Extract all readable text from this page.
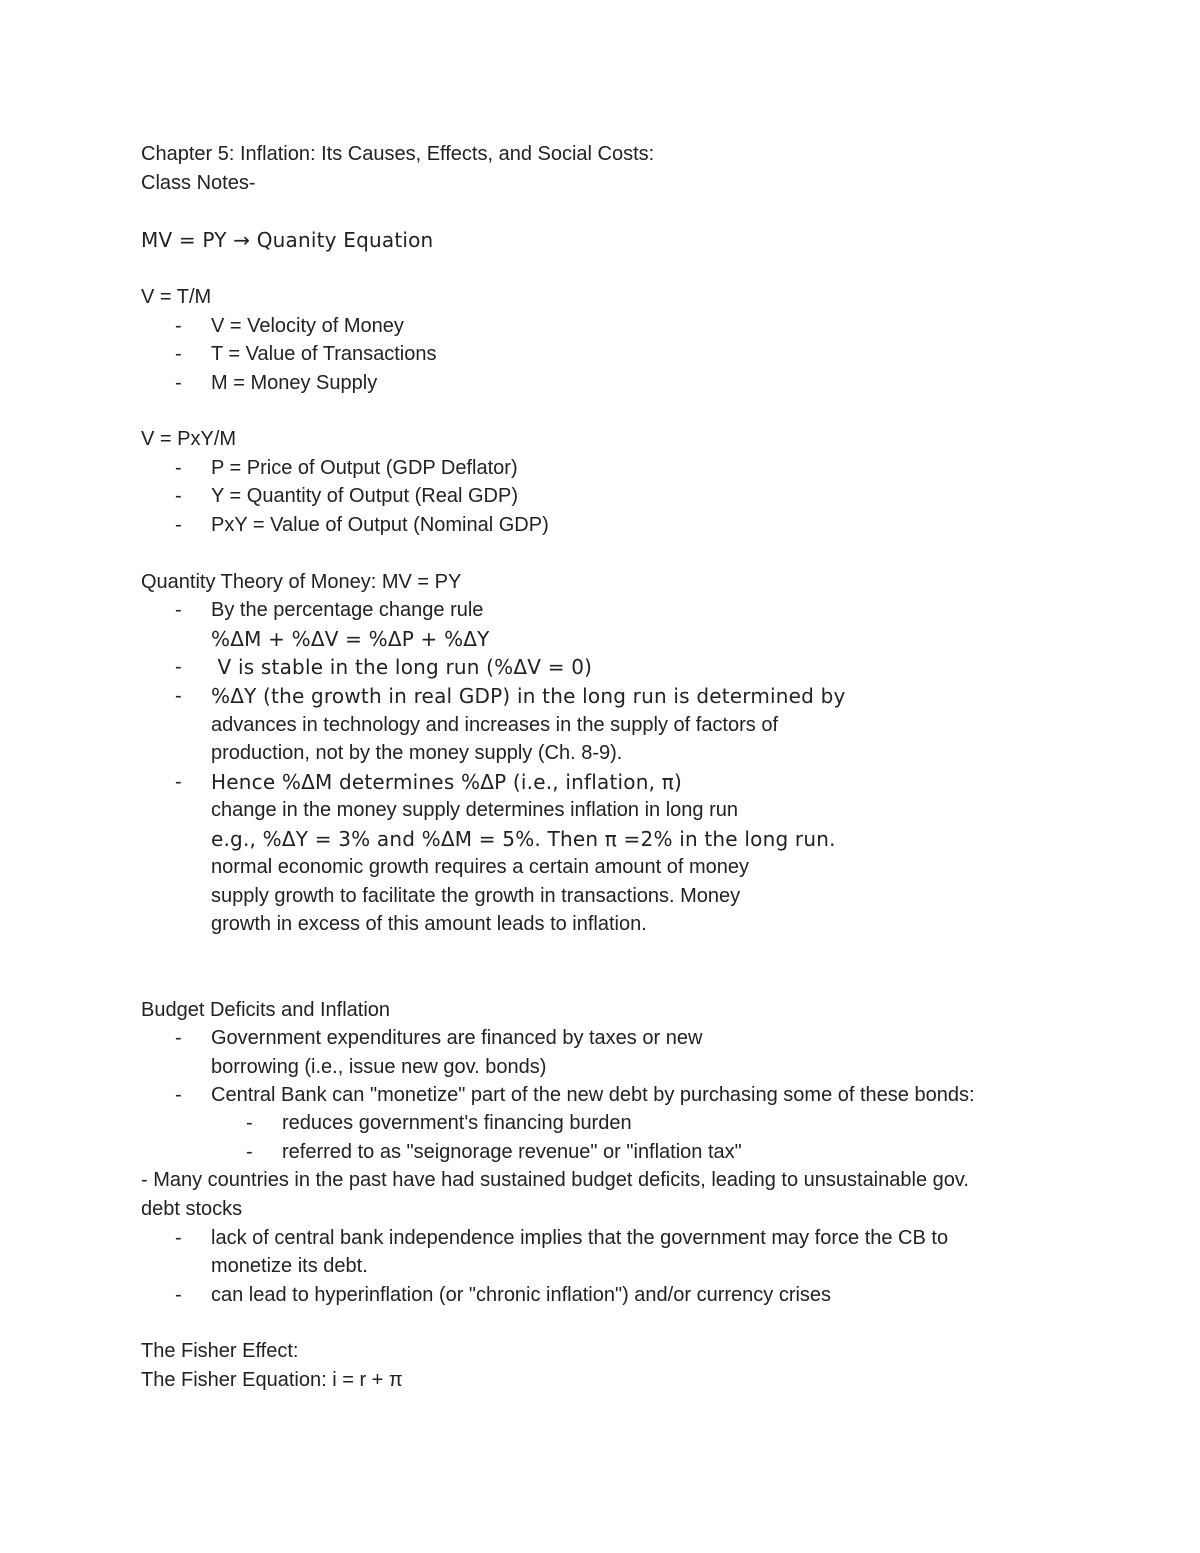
Chapter 5: Inflation: Its Causes, Effects, and Social Costs:
Class Notes-
MV = PY → Quanity Equation
V = T/M
- V = Velocity of Money
- T = Value of Transactions
- M = Money Supply
V = PxY/M
- P = Price of Output (GDP Deflator)
- Y = Quantity of Output (Real GDP)
- PxY = Value of Output (Nominal GDP)
Quantity Theory of Money: MV = PY
- By the percentage change rule
%ΔM + %ΔV = %ΔP + %ΔY
- V is stable in the long run (%ΔV = 0)
- %ΔY (the growth in real GDP) in the long run is determined by
advances in technology and increases in the supply of factors of
production, not by the money supply (Ch. 8-9).
- Hence %ΔM determines %ΔP (i.e., inflation, π)
change in the money supply determines inflation in long run
e.g., %ΔY = 3% and %ΔM = 5%. Then π =2% in the long run.
normal economic growth requires a certain amount of money
supply growth to facilitate the growth in transactions. Money
growth in excess of this amount leads to inflation.
Budget Deficits and Inflation
- Government expenditures are financed by taxes or new
borrowing (i.e., issue new gov. bonds)
- Central Bank can "monetize" part of the new debt by purchasing some of these bonds:
- reduces government's financing burden
- referred to as "seignorage revenue" or "inflation tax"
- Many countries in the past have had sustained budget deficits, leading to unsustainable gov.
debt stocks
- lack of central bank independence implies that the government may force the CB to
monetize its debt.
- can lead to hyperinflation (or "chronic inflation") and/or currency crises
The Fisher Effect:
The Fisher Equation: i = r + π
